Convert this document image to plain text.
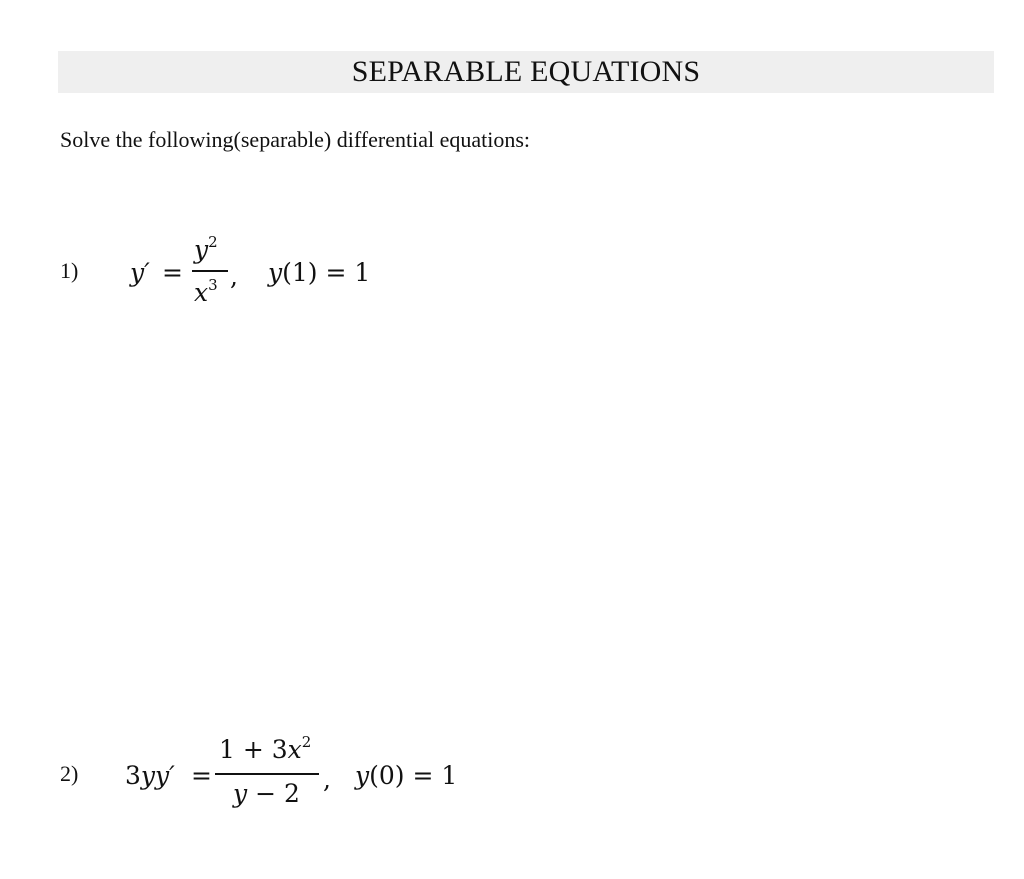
SEPARABLE EQUATIONS
Solve the following(separable) differential equations:
1) y′ =
$y^2$
$x^3$ , y(1) = 1
2) 3yy′ =
$1 + 3x^2$
y − 2 , y(0) = 1
